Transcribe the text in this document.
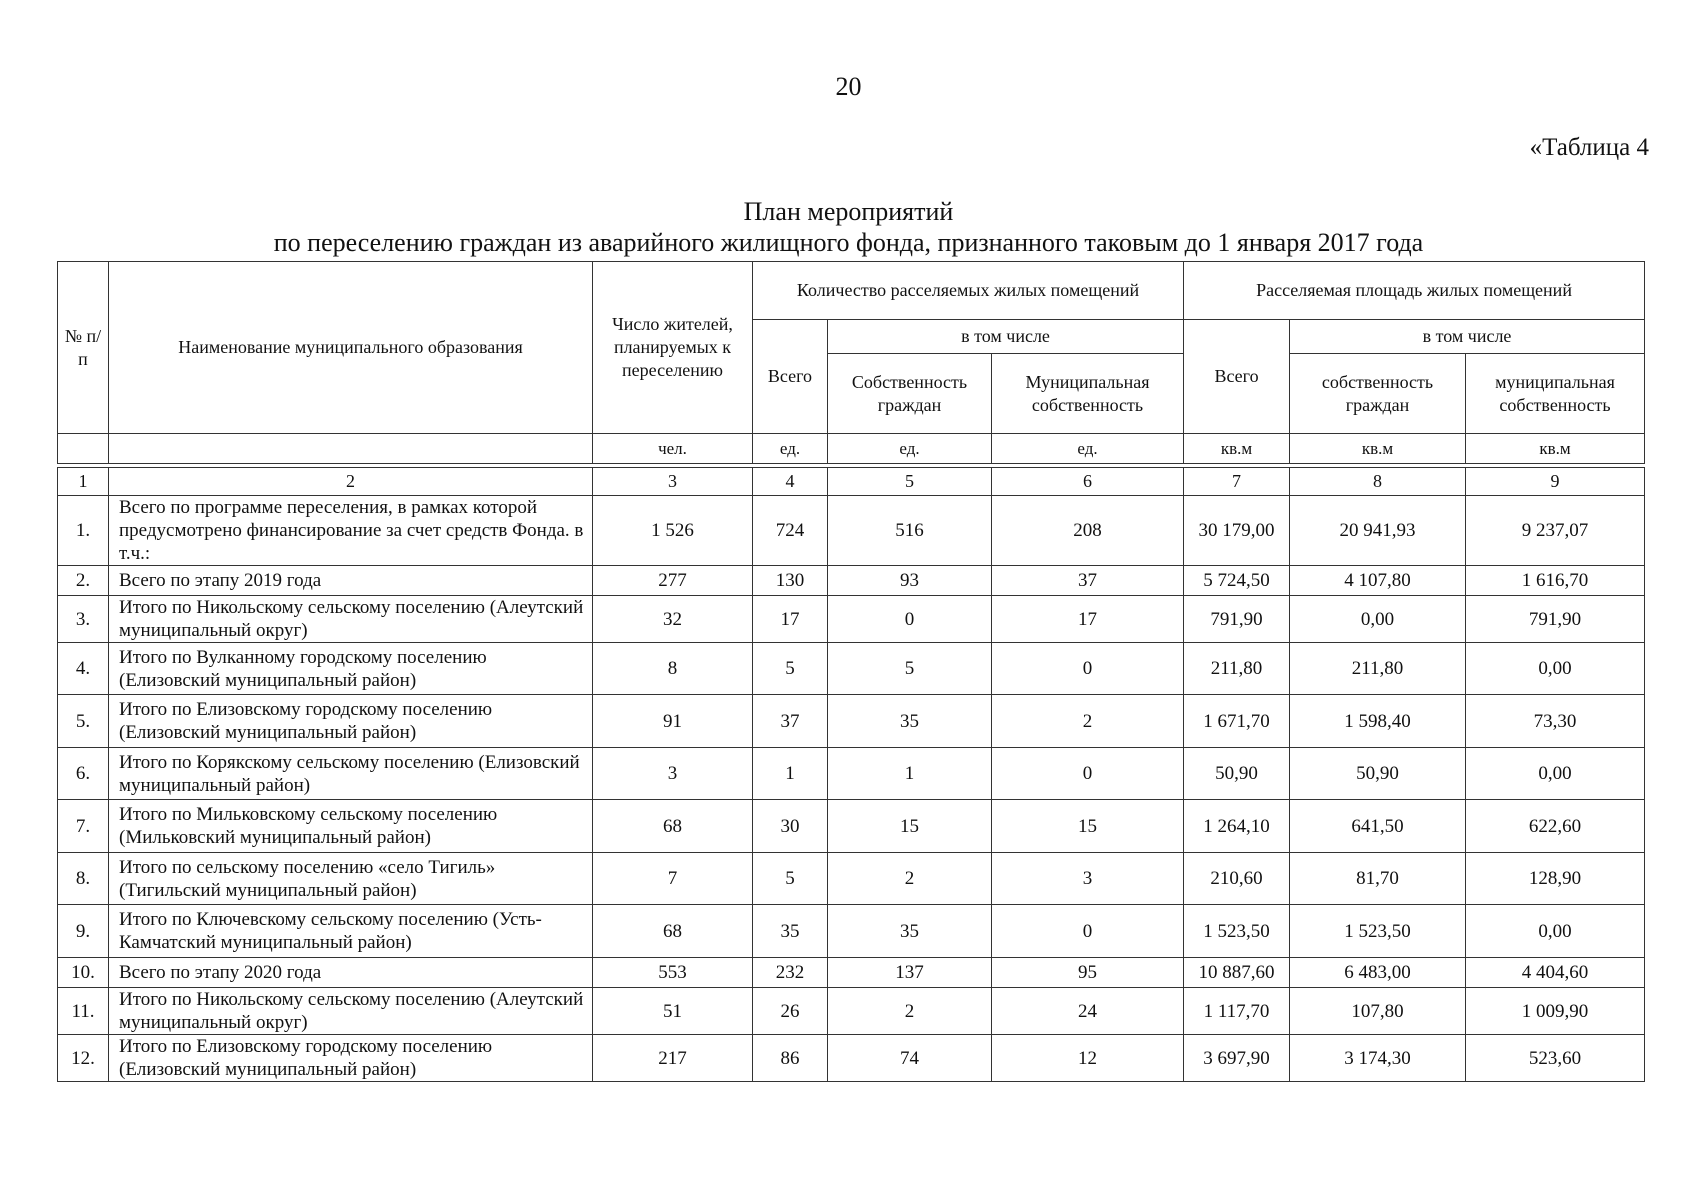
20
«Таблица 4
План мероприятий
по переселению граждан из аварийного жилищного фонда, признанного таковым до 1 января 2017 года
№ п/п	Наименование муниципального образования	Число жителей, планируемых к переселению	Количество расселяемых жилых помещений			Расселяемая площадь жилых помещений		
			Всего	в том числе		Всего	в том числе	
				Собственность граждан	Муниципальная собственность		собственность граждан	муниципальная собственность
		чел.	ед.	ед.	ед.	кв.м	кв.м	кв.м

1	2	3	4	5	6	7	8	9
1.	Всего по программе переселения, в рамках которой предусмотрено финансирование за счет средств Фонда. в т.ч.:	1 526	724	516	208	30 179,00	20 941,93	9 237,07
2.	Всего по этапу 2019 года	277	130	93	37	5 724,50	4 107,80	1 616,70
3.	Итого по Никольскому сельскому поселению (Алеутский муниципальный округ)	32	17	0	17	791,90	0,00	791,90
4.	Итого по Вулканному городскому поселению (Елизовский муниципальный район)	8	5	5	0	211,80	211,80	0,00
5.	Итого по Елизовскому городскому поселению (Елизовский муниципальный район)	91	37	35	2	1 671,70	1 598,40	73,30
6.	Итого по Корякскому сельскому поселению (Елизовский муниципальный район)	3	1	1	0	50,90	50,90	0,00
7.	Итого по Мильковскому сельскому поселению (Мильковский муниципальный район)	68	30	15	15	1 264,10	641,50	622,60
8.	Итого по сельскому поселению «село Тигиль» (Тигильский муниципальный район)	7	5	2	3	210,60	81,70	128,90
9.	Итого по Ключевскому сельскому поселению (Усть-Камчатский муниципальный район)	68	35	35	0	1 523,50	1 523,50	0,00
10.	Всего по этапу 2020 года	553	232	137	95	10 887,60	6 483,00	4 404,60
11.	Итого по Никольскому сельскому поселению (Алеутский муниципальный округ)	51	26	2	24	1 117,70	107,80	1 009,90
12.	Итого по Елизовскому городскому поселению (Елизовский муниципальный район)	217	86	74	12	3 697,90	3 174,30	523,60
